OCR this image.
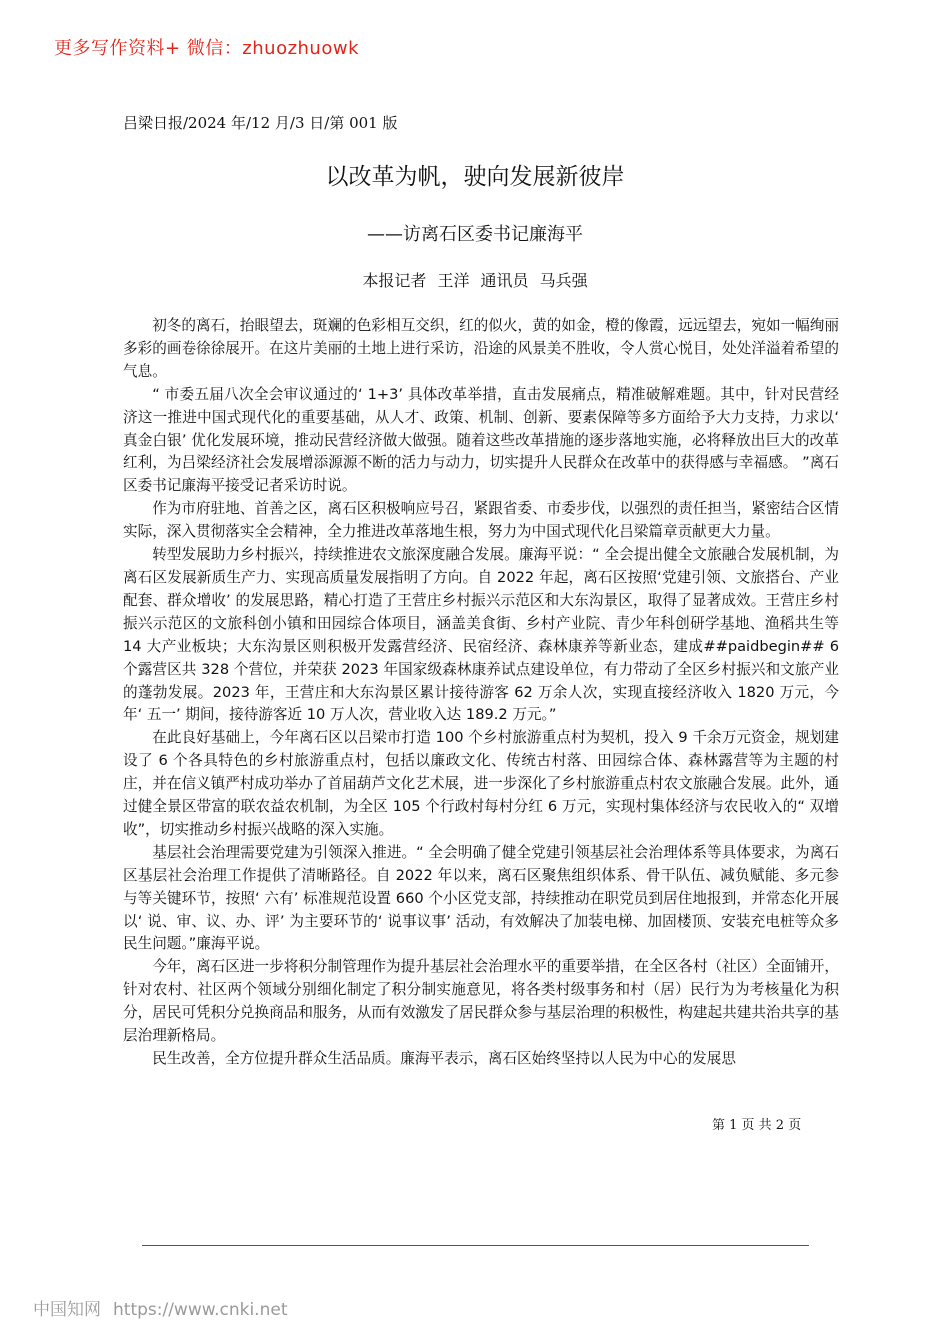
更多写作资料+ 微信：zhuozhuowk
吕梁日报/2024 年/12 月/3 日/第 001 版
以改革为帆，驶向发展新彼岸
——访离石区委书记廉海平
本报记者 王洋 通讯员 马兵强

初冬的离石，抬眼望去，斑斓的色彩相互交织，红的似火，黄的如金，橙的像霞，远远望去，宛如一幅绚丽多彩的画卷徐徐展开。在这片美丽的土地上进行采访，沿途的风景美不胜收，令人赏心悦目，处处洋溢着希望的气息。

“ 市委五届八次全会审议通过的‘ 1+3’ 具体改革举措，直击发展痛点，精准破解难题。其中，针对民营经济这一推进中国式现代化的重要基础，从人才、政策、机制、创新、要素保障等多方面给予大力支持，力求以‘ 真金白银’ 优化发展环境，推动民营经济做大做强。随着这些改革措施的逐步落地实施，必将释放出巨大的改革红利，为吕梁经济社会发展增添源源不断的活力与动力，切实提升人民群众在改革中的获得感与幸福感。 ”离石区委书记廉海平接受记者采访时说。

作为市府驻地、首善之区，离石区积极响应号召，紧跟省委、市委步伐，以强烈的责任担当，紧密结合区情实际，深入贯彻落实全会精神，全力推进改革落地生根，努力为中国式现代化吕梁篇章贡献更大力量。

转型发展助力乡村振兴，持续推进农文旅深度融合发展。廉海平说：“ 全会提出健全文旅融合发展机制，为离石区发展新质生产力、实现高质量发展指明了方向。自 2022 年起，离石区按照‘党建引领、文旅搭台、产业配套、群众增收’ 的发展思路，精心打造了王营庄乡村振兴示范区和大东沟景区，取得了显著成效。王营庄乡村振兴示范区的文旅科创小镇和田园综合体项目，涵盖美食街、乡村产业院、青少年科创研学基地、渔稻共生等 14 大产业板块；大东沟景区则积极开发露营经济、民宿经济、森林康养等新业态，建成##paidbegin## 6 个露营区共 328 个营位，并荣获 2023 年国家级森林康养试点建设单位，有力带动了全区乡村振兴和文旅产业的蓬勃发展。2023 年，王营庄和大东沟景区累计接待游客 62 万余人次，实现直接经济收入 1820 万元，今年‘ 五一’ 期间，接待游客近 10 万人次，营业收入达 189.2 万元。”

在此良好基础上，今年离石区以吕梁市打造 100 个乡村旅游重点村为契机，投入 9 千余万元资金，规划建设了 6 个各具特色的乡村旅游重点村，包括以廉政文化、传统古村落、田园综合体、森林露营等为主题的村庄，并在信义镇严村成功举办了首届葫芦文化艺术展，进一步深化了乡村旅游重点村农文旅融合发展。此外，通过健全景区带富的联农益农机制，为全区 105 个行政村每村分红 6 万元，实现村集体经济与农民收入的“ 双增收”，切实推动乡村振兴战略的深入实施。

基层社会治理需要党建为引领深入推进。“ 全会明确了健全党建引领基层社会治理体系等具体要求，为离石区基层社会治理工作提供了清晰路径。自 2022 年以来，离石区聚焦组织体系、骨干队伍、减负赋能、多元参与等关键环节，按照‘ 六有’ 标准规范设置 660 个小区党支部，持续推动在职党员到居住地报到，并常态化开展以‘ 说、审、议、办、评’ 为主要环节的‘ 说事议事’ 活动，有效解决了加装电梯、加固楼顶、安装充电桩等众多民生问题。”廉海平说。

今年，离石区进一步将积分制管理作为提升基层社会治理水平的重要举措，在全区各村（社区）全面铺开，针对农村、社区两个领域分别细化制定了积分制实施意见，将各类村级事务和村（居）民行为为考核量化为积分，居民可凭积分兑换商品和服务，从而有效激发了居民群众参与基层治理的积极性，构建起共建共治共享的基层治理新格局。

民生改善，全方位提升群众生活品质。廉海平表示，离石区始终坚持以人民为中心的发展思

第 1 页 共 2 页
中国知网 https://www.cnki.net
